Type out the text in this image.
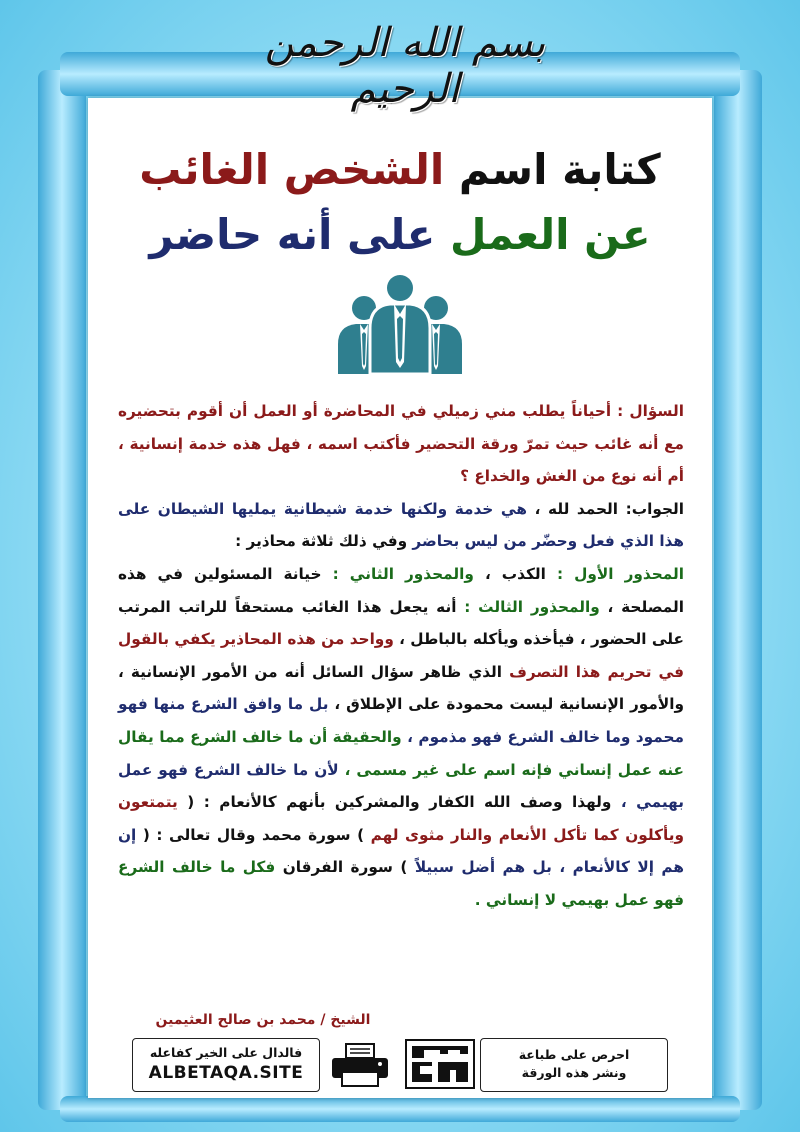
بسم الله الرحمن الرحيم
كتابة اسم الشخص الغائب
عن العمل على أنه حاضر

السؤال : أحياناً يطلب مني زميلي في المحاضرة أو العمل أن أقوم بتحضيره مع أنه غائب حيث تمرّ ورقة التحضير فأكتب اسمه ، فهل هذه خدمة إنسانية ، أم أنه نوع من الغش والخداع ؟

الجواب: الحمد لله ، هي خدمة ولكنها خدمة شيطانية يمليها الشيطان على هذا الذي فعل وحضّر من ليس بحاضر وفي ذلك ثلاثة محاذير :

المحذور الأول : الكذب ، والمحذور الثاني : خيانة المسئولين في هذه المصلحة ، والمحذور الثالث : أنه يجعل هذا الغائب مستحقاً للراتب المرتب على الحضور ، فيأخذه ويأكله بالباطل ، وواحد من هذه المحاذير يكفي بالقول في تحريم هذا التصرف الذي ظاهر سؤال السائل أنه من الأمور الإنسانية ، والأمور الإنسانية ليست محمودة على الإطلاق ، بل ما وافق الشرع منها فهو محمود وما خالف الشرع فهو مذموم ، والحقيقة أن ما خالف الشرع مما يقال عنه عمل إنساني فإنه اسم على غير مسمى ، لأن ما خالف الشرع فهو عمل بهيمي ، ولهذا وصف الله الكفار والمشركين بأنهم كالأنعام : ( يتمتعون ويأكلون كما تأكل الأنعام والنار مثوى لهم ) سورة محمد وقال تعالى : ( إن هم إلا كالأنعام ، بل هم أضل سبيلاً ) سورة الفرقان فكل ما خالف الشرع فهو عمل بهيمي لا إنساني .

الشيخ / محمد بن صالح العثيمين
فالدال على الخير كفاعله
ALBETAQA.SITE
احرص على طباعة
ونشر هذه الورقة
